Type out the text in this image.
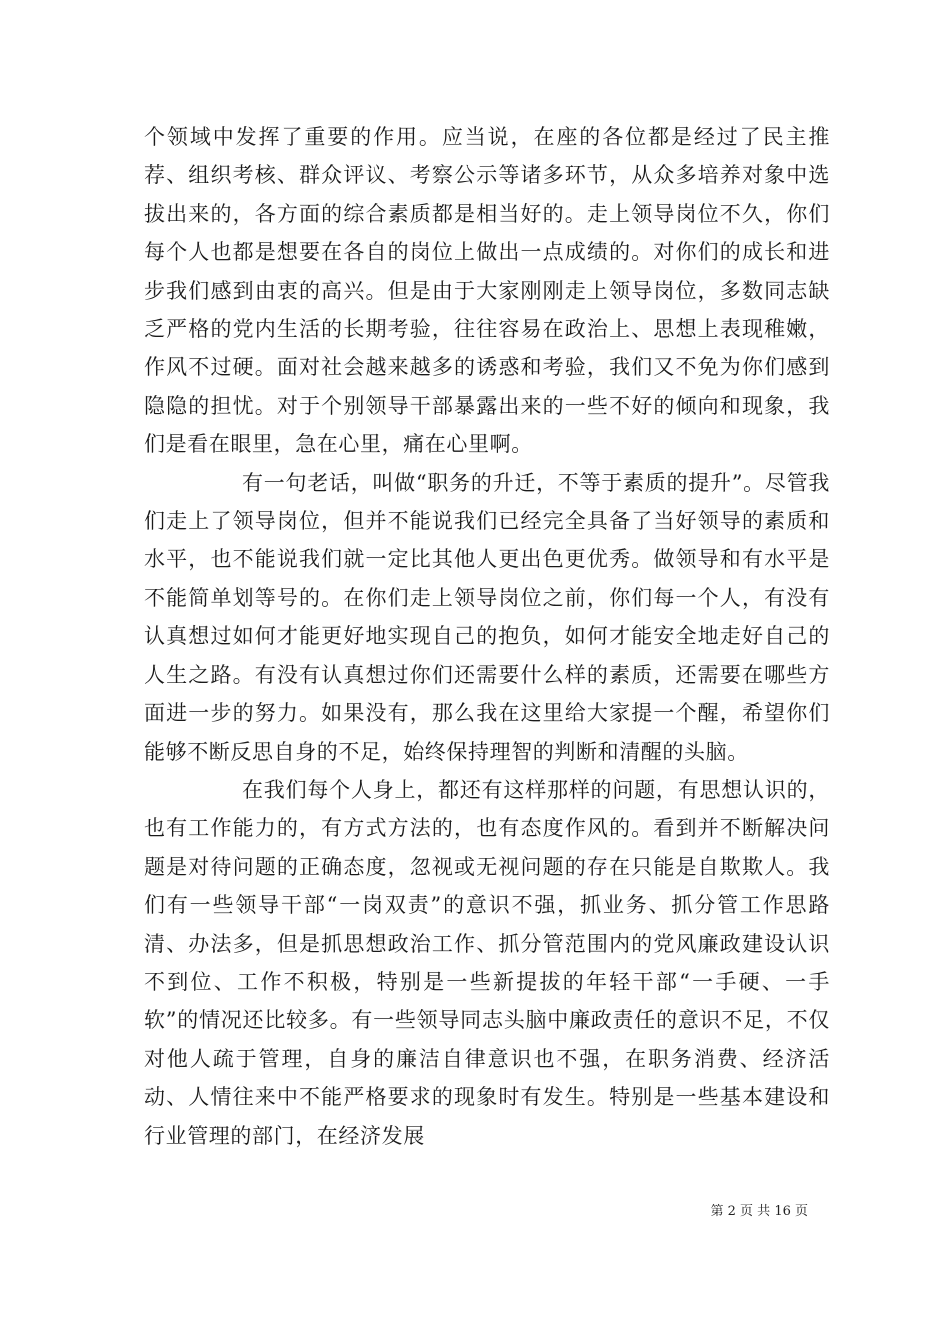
个领域中发挥了重要的作用。应当说，在座的各位都是经过了民主推荐、组织考核、群众评议、考察公示等诸多环节，从众多培养对象中选拔出来的，各方面的综合素质都是相当好的。走上领导岗位不久，你们每个人也都是想要在各自的岗位上做出一点成绩的。对你们的成长和进步我们感到由衷的高兴。但是由于大家刚刚走上领导岗位，多数同志缺乏严格的党内生活的长期考验，往往容易在政治上、思想上表现稚嫩，作风不过硬。面对社会越来越多的诱惑和考验，我们又不免为你们感到隐隐的担忧。对于个别领导干部暴露出来的一些不好的倾向和现象，我们是看在眼里，急在心里，痛在心里啊。

有一句老话，叫做“职务的升迁，不等于素质的提升”。尽管我们走上了领导岗位，但并不能说我们已经完全具备了当好领导的素质和水平，也不能说我们就一定比其他人更出色更优秀。做领导和有水平是不能简单划等号的。在你们走上领导岗位之前，你们每一个人，有没有认真想过如何才能更好地实现自己的抱负，如何才能安全地走好自己的人生之路。有没有认真想过你们还需要什么样的素质，还需要在哪些方面进一步的努力。如果没有，那么我在这里给大家提一个醒，希望你们能够不断反思自身的不足，始终保持理智的判断和清醒的头脑。

在我们每个人身上，都还有这样那样的问题，有思想认识的，也有工作能力的，有方式方法的，也有态度作风的。看到并不断解决问题是对待问题的正确态度，忽视或无视问题的存在只能是自欺欺人。我们有一些领导干部“一岗双责”的意识不强，抓业务、抓分管工作思路清、办法多，但是抓思想政治工作、抓分管范围内的党风廉政建设认识不到位、工作不积极，特别是一些新提拔的年轻干部“一手硬、一手软”的情况还比较多。有一些领导同志头脑中廉政责任的意识不足，不仅对他人疏于管理，自身的廉洁自律意识也不强，在职务消费、经济活动、人情往来中不能严格要求的现象时有发生。特别是一些基本建设和行业管理的部门，在经济发展

第 2 页 共 16 页
